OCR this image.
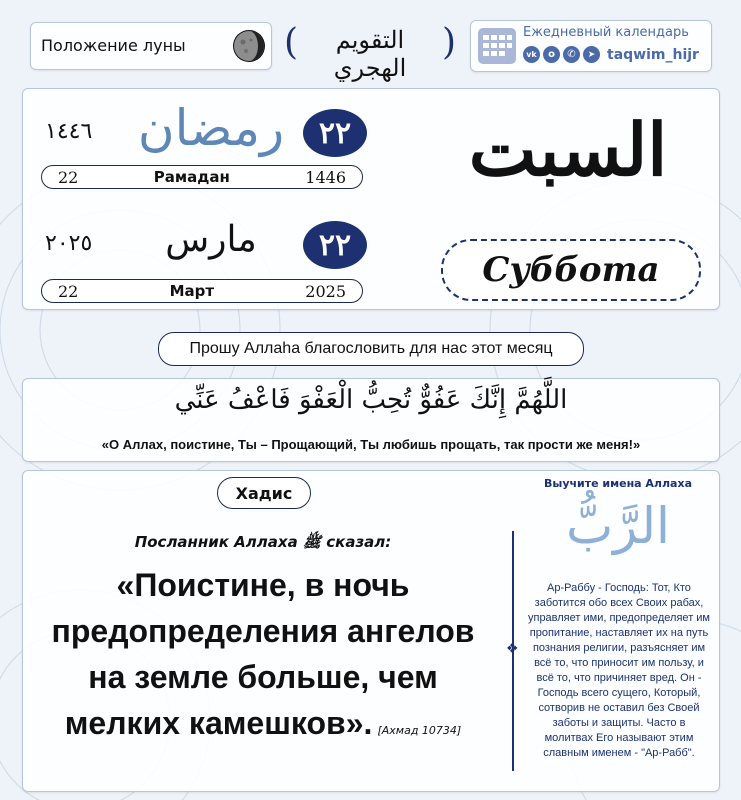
Положение луны	(	التقويم الهجري
)	Ежедневный календарь
vk	o	✆	➤ taqwim_hijr
١٤٤٦ رمضان ٢٢
22	Рамадан	1446
٢٠٢٥	مارس	٢٢
22	Март	2025
السبت
Суббота
Прошу Аллаhа благословить для нас этот месяц
اللَّهُمَّ إِنَّكَ عَفُوٌّ تُحِبُّ الْعَفْوَ فَاعْفُ عَنِّي
«О Аллах, поистине, Ты – Прощающий, Ты любишь прощать, так прости же меня!»
Хадис
Посланник Аллаха ﷺ сказал:
«Поистине, в ночь предопределения ангелов на земле больше, чем мелких камешков». [Ахмад 10734]
❖
Выучите имена Аллаха
الرَّبُّ
Ар-Раббу - Господь: Тот, Кто заботится обо всех Своих рабах, управляет ими, предопределяет им пропитание, наставляет их на путь познания религии, разъясняет им всё то, что приносит им пользу, и всё то, что причиняет вред. Он - Господь всего сущего, Который, сотворив не оставил без Своей заботы и защиты. Часто в молитвах Его называют этим славным именем - "Ар-Рабб".
